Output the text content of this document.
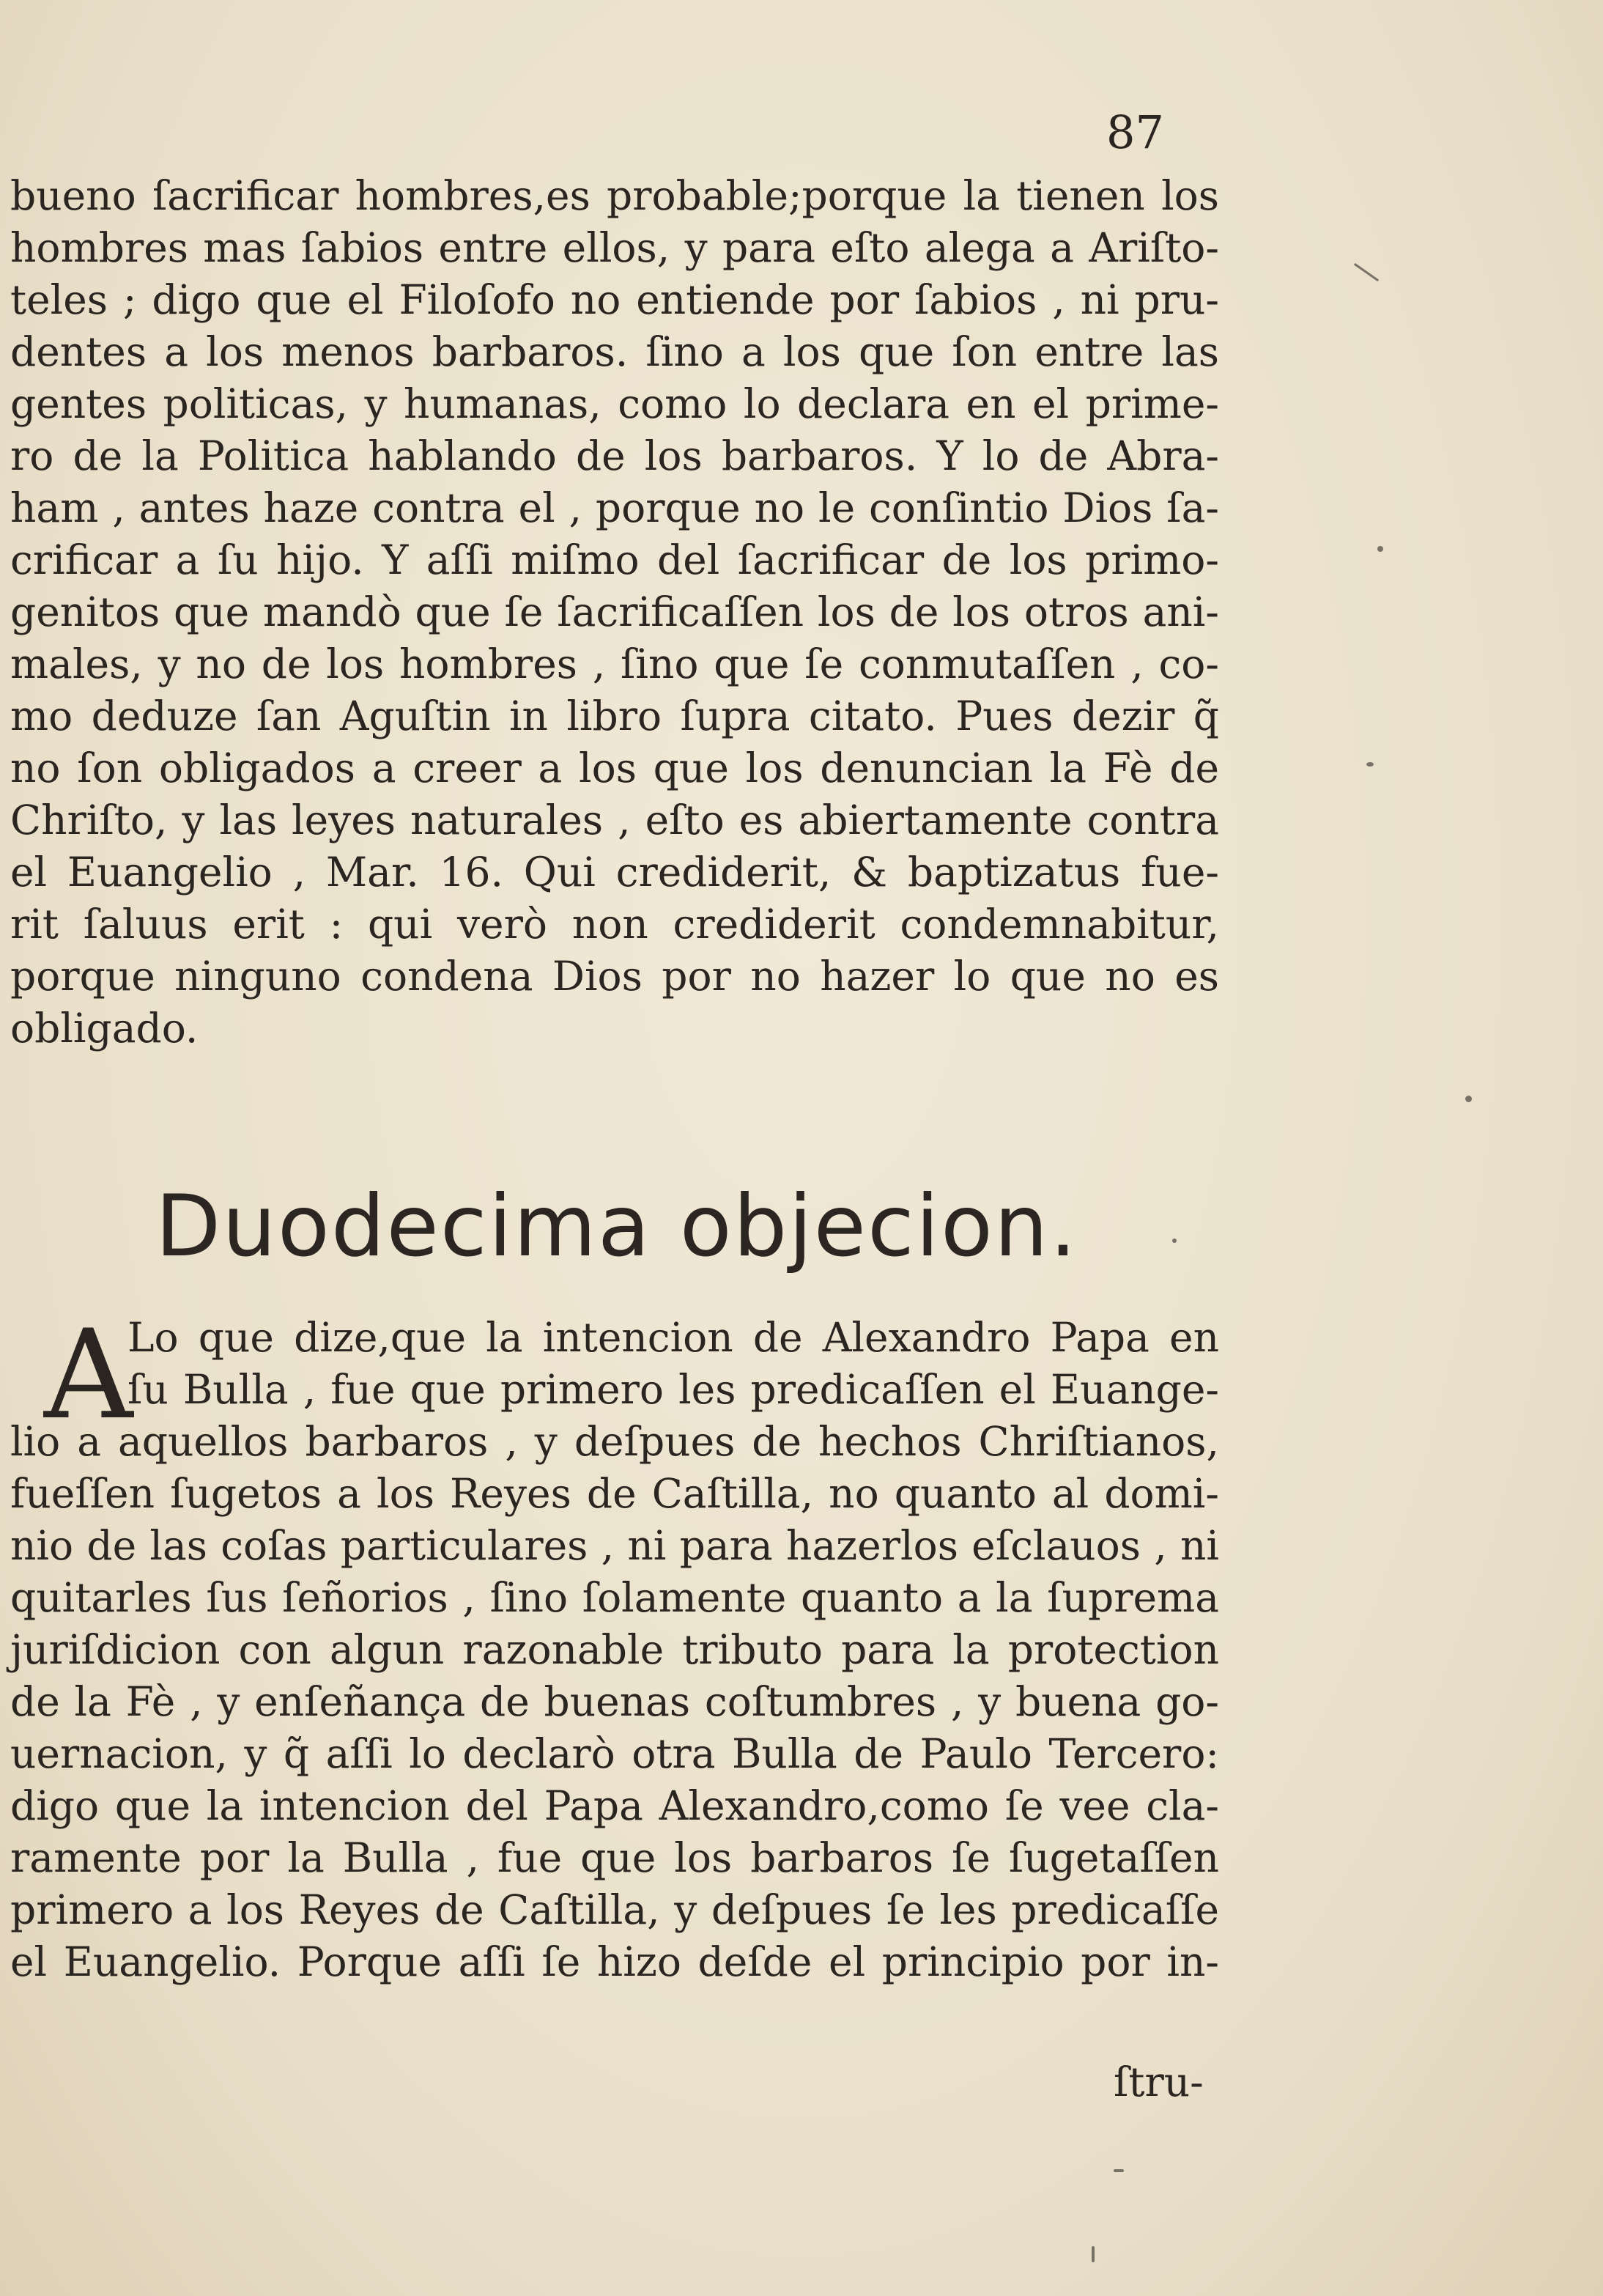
87
bueno ſacrificar hombres,es probable;porque la tienen los
hombres mas ſabios entre ellos, y para eſto alega a Ariſto-
teles ; digo que el Filoſofo no entiende por ſabios , ni pru-
dentes a los menos barbaros. ſino a los que ſon entre las
gentes politicas, y humanas, como lo declara en el prime-
ro de la Politica hablando de los barbaros. Y lo de Abra-
ham , antes haze contra el , porque no le conſintio Dios ſa-
crificar a ſu hijo. Y aſſi miſmo del ſacrificar de los primo-
genitos que mandò que ſe ſacrificaſſen los de los otros ani-
males, y no de los hombres , ſino que ſe conmutaſſen , co-
mo deduze ſan Aguſtin in libro ſupra citato. Pues dezir q̃
no ſon obligados a creer a los que los denuncian la Fè de
Chriſto, y las leyes naturales , eſto es abiertamente contra
el Euangelio , Mar. 16. Qui crediderit, & baptizatus fue-
rit ſaluus erit : qui verò non crediderit condemnabitur,
porque ninguno condena Dios por no hazer lo que no es
obligado.
Duodecima objecion.
A
Lo que dize,que la intencion de Alexandro Papa en
ſu Bulla , fue que primero les predicaſſen el Euange-
lio a aquellos barbaros , y deſpues de hechos Chriſtianos,
fueſſen ſugetos a los Reyes de Caſtilla, no quanto al domi-
nio de las coſas particulares , ni para hazerlos eſclauos , ni
quitarles ſus ſeñorios , ſino ſolamente quanto a la ſuprema
juriſdicion con algun razonable tributo para la protection
de la Fè , y enſeñança de buenas coſtumbres , y buena go-
uernacion, y q̃ aſſi lo declarò otra Bulla de Paulo Tercero:
digo que la intencion del Papa Alexandro,como ſe vee cla-
ramente por la Bulla , fue que los barbaros ſe ſugetaſſen
primero a los Reyes de Caſtilla, y deſpues ſe les predicaſſe
el Euangelio. Porque aſſi ſe hizo deſde el principio por in-
ſtru-
